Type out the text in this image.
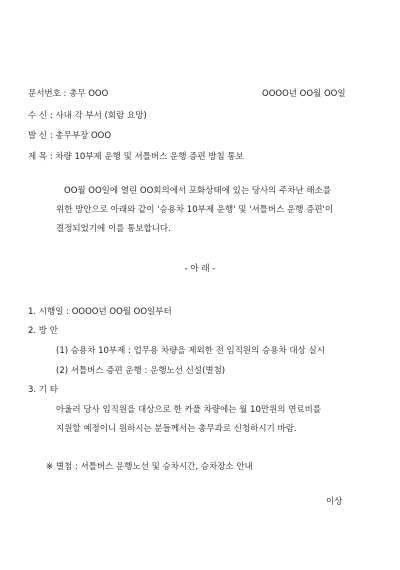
문서번호 : 총무 OOO	OOOO년 OO월 OO일
수 신 : 사내 각 부서 (회람 요망)
발 신 : 총무부장 OOO
제 목 : 차량 10부제 운행 및 셔틀버스 운행 증편 방침 통보
OO월 OO일에 열린 OO회의에서 포화상태에 있는 당사의 주차난 해소를
위한 방안으로 아래와 같이 '승용차 10부제 운행' 및 '셔틀버스 운행 증편'이
결정되었기에 이를 통보합니다.
- 아 래 -
1. 시행일 : OOOO년 OO월 OO일부터
2. 방 안
(1) 승용차 10부제 : 업무용 차량을 제외한 전 임직원의 승용차 대상 실시
(2) 셔틀버스 증편 운행 : 운행노선 신설(별첨)
3. 기 타
아울러 당사 임직원을 대상으로 한 카풀 차량에는 월 10만원의 연료비를
지원할 예정이니 원하시는 분들께서는 총무과로 신청하시기 바람.
※ 별첨 : 셔틀버스 운행노선 및 승차시간, 승차장소 안내
이상
